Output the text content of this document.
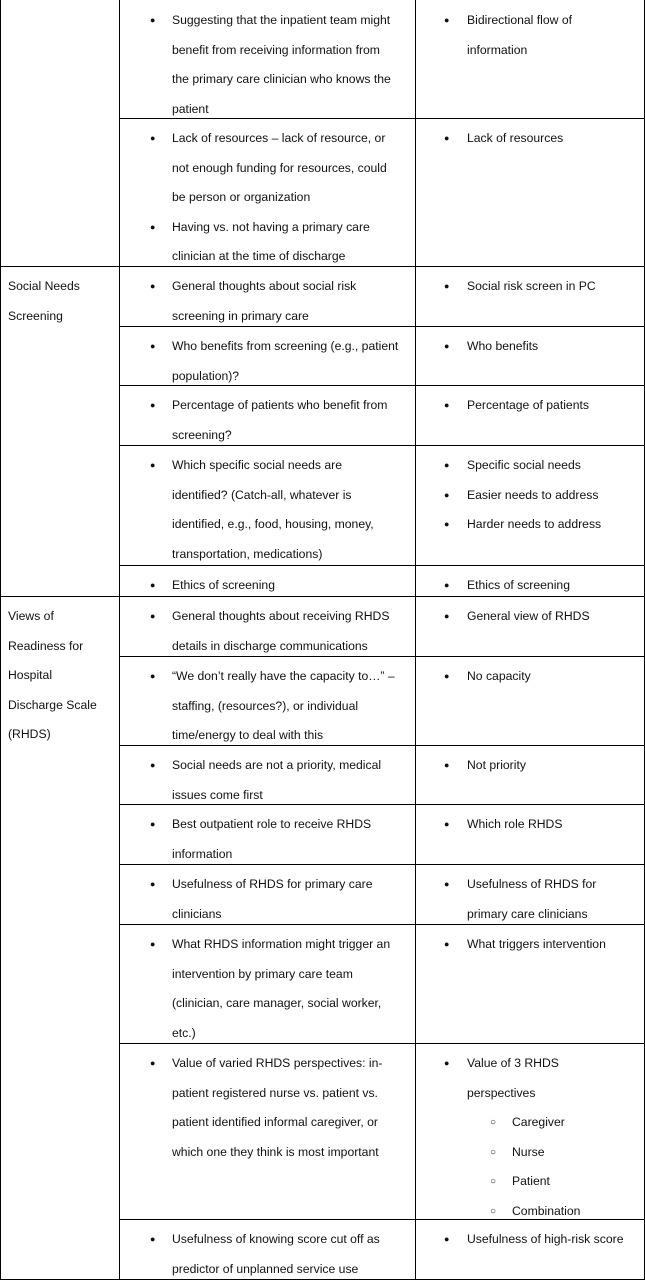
● Suggesting that the inpatient team might
benefit from receiving information from
the primary care clinician who knows the
patient
● Bidirectional flow of
information
● Lack of resources – lack of resource, or
not enough funding for resources, could
be person or organization
● Having vs. not having a primary care
clinician at the time of discharge
● Lack of resources
Social Needs
Screening
● General thoughts about social risk
screening in primary care
● Social risk screen in PC
● Who benefits from screening (e.g., patient
population)?
● Who benefits
● Percentage of patients who benefit from
screening?
● Percentage of patients
● Which specific social needs are
identified? (Catch-all, whatever is
identified, e.g., food, housing, money,
transportation, medications)
● Specific social needs
● Easier needs to address
● Harder needs to address
● Ethics of screening	● Ethics of screening
Views of
Readiness for
Hospital
Discharge Scale
(RHDS)
● General thoughts about receiving RHDS
details in discharge communications
● General view of RHDS
● “We don’t really have the capacity to…” –
staffing, (resources?), or individual
time/energy to deal with this
● No capacity
● Social needs are not a priority, medical
issues come first
● Not priority
● Best outpatient role to receive RHDS
information
● Which role RHDS
● Usefulness of RHDS for primary care
clinicians
● Usefulness of RHDS for
primary care clinicians
● What RHDS information might trigger an
intervention by primary care team
(clinician, care manager, social worker,
etc.)
● What triggers intervention
● Value of varied RHDS perspectives: in-
patient registered nurse vs. patient vs.
patient identified informal caregiver, or
which one they think is most important
● Value of 3 RHDS
perspectives
○ Caregiver
○ Nurse
○ Patient
○ Combination
● Usefulness of knowing score cut off as
predictor of unplanned service use
● Usefulness of high-risk score
